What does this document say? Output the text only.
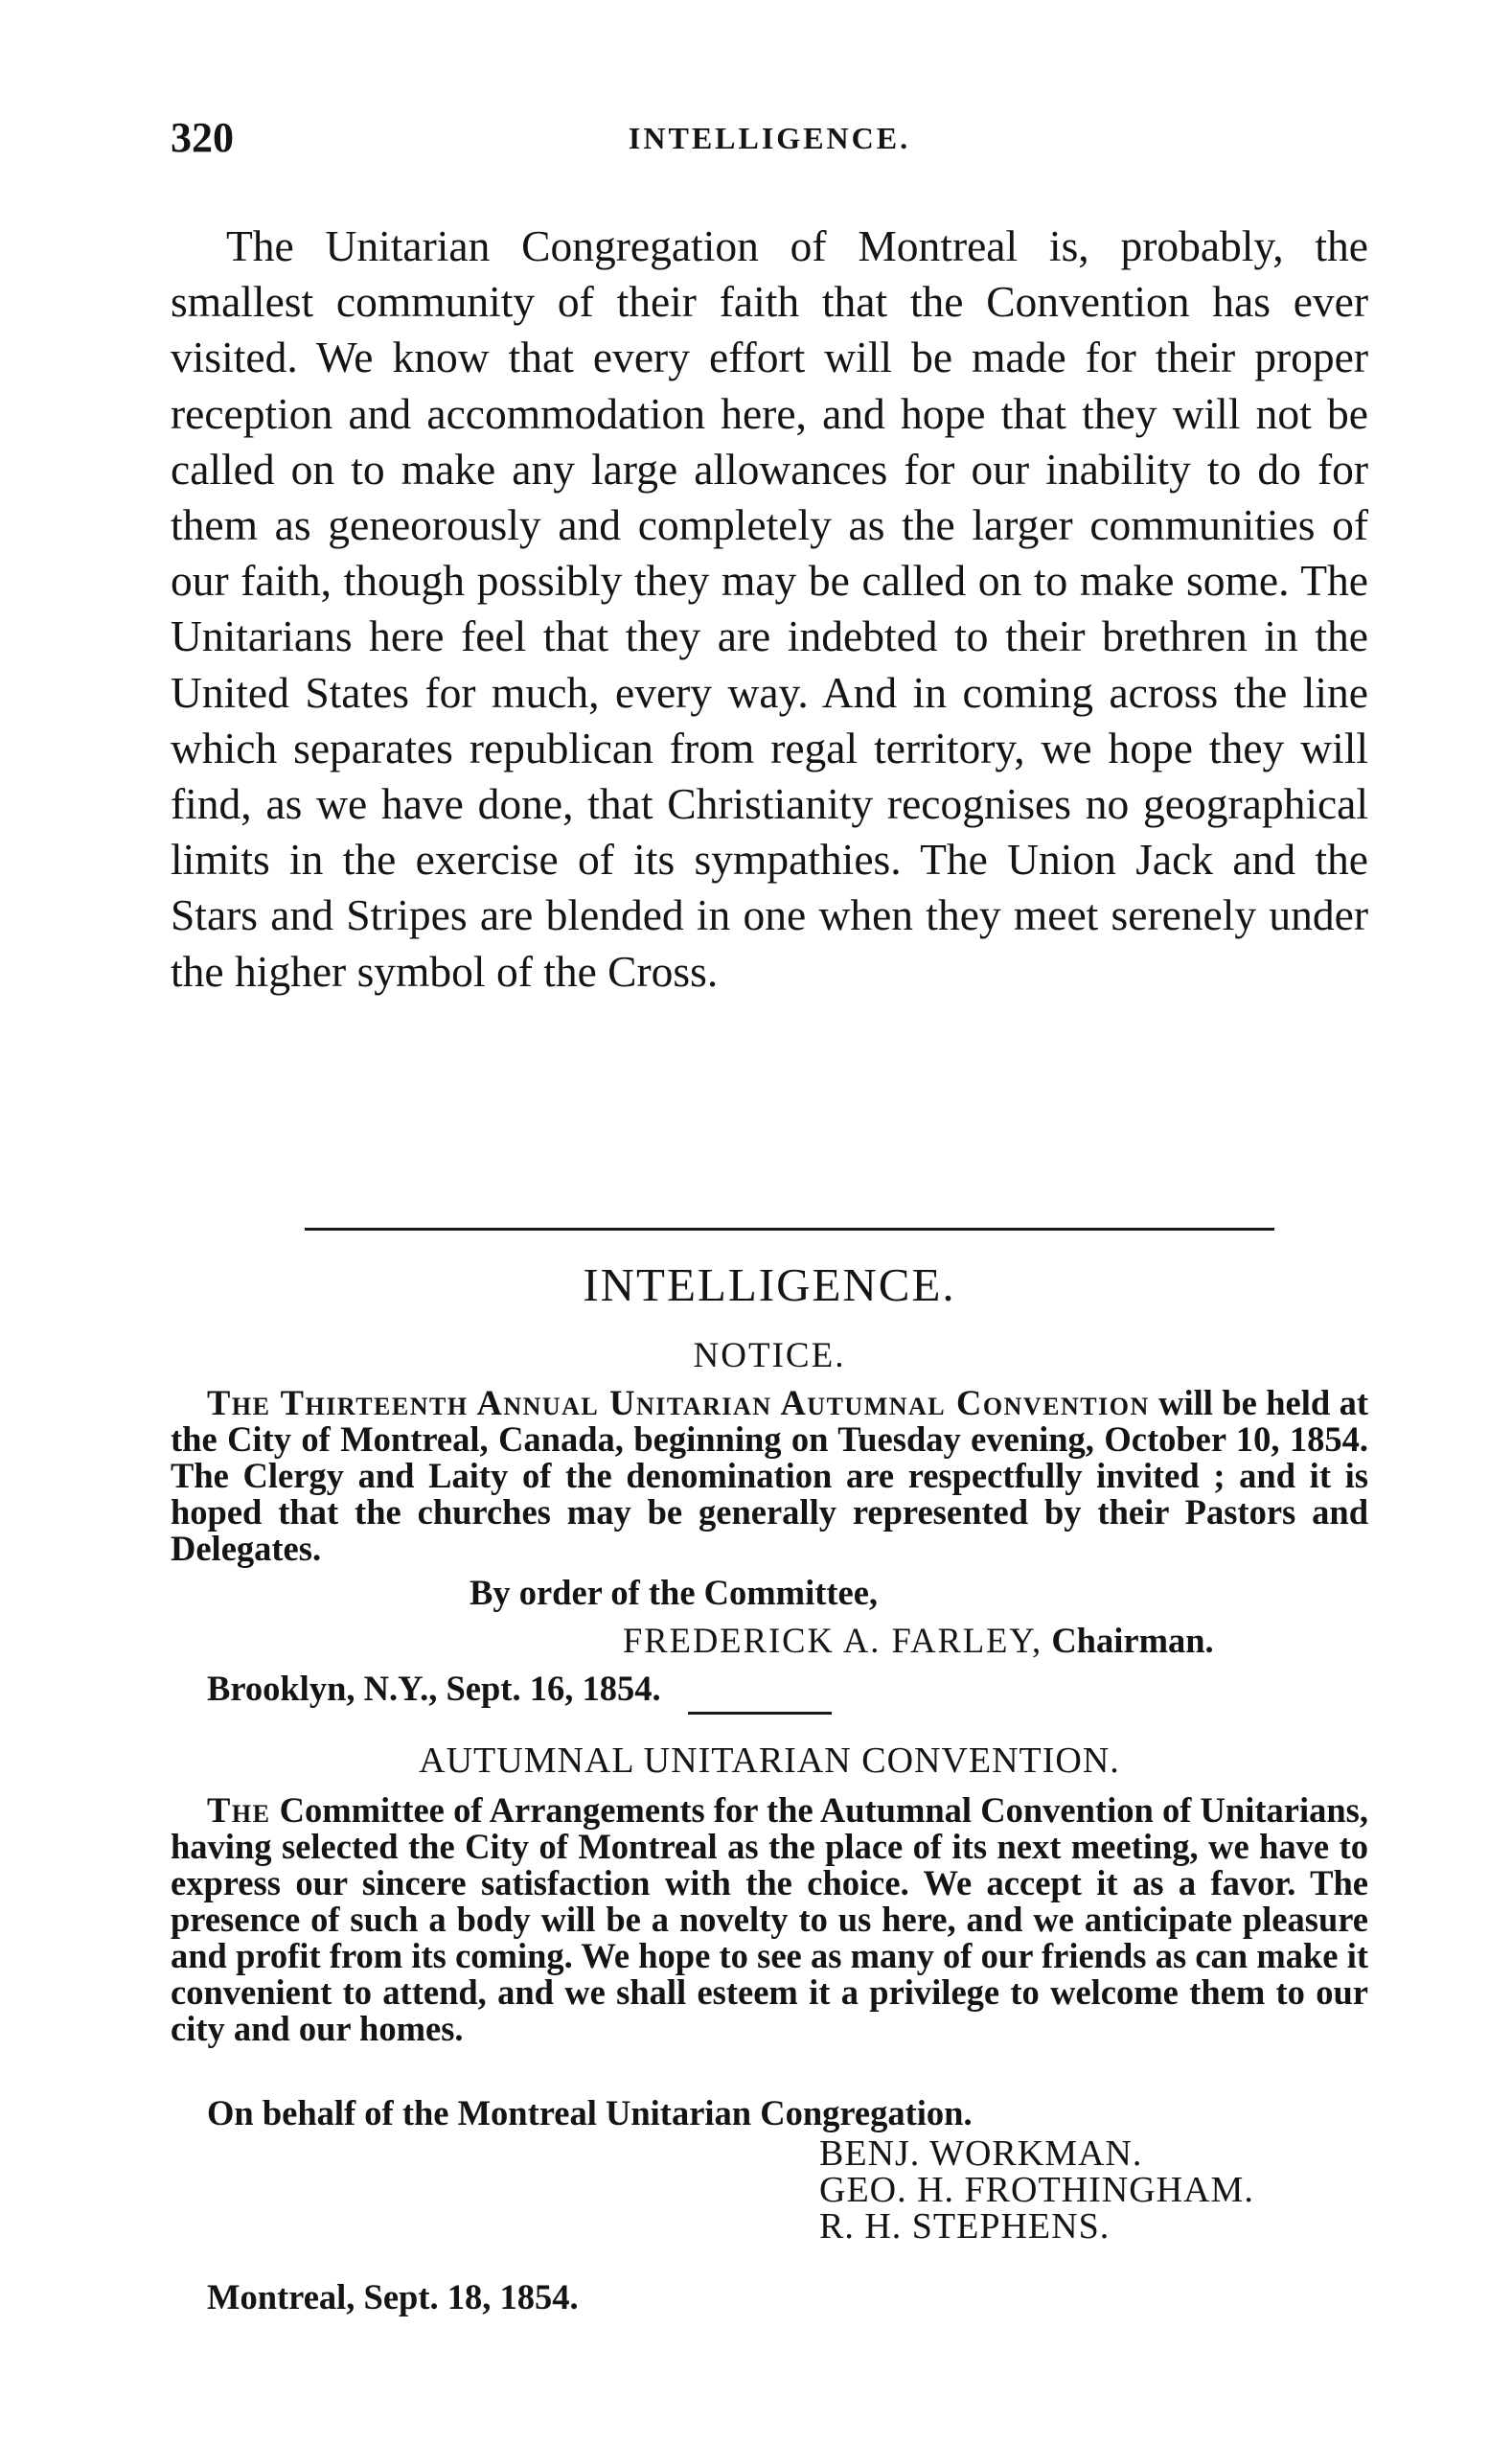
320	INTELLIGENCE.

The Unitarian Congregation of Montreal is, probably, the smallest community of their faith that the Convention has ever visited. We know that every effort will be made for their proper reception and accommodation here, and hope that they will not be called on to make any large allowances for our inability to do for them as geneorously and completely as the larger communities of our faith, though possibly they may be called on to make some. The Unitarians here feel that they are indebted to their brethren in the United States for much, every way. And in coming across the line which separates republican from regal territory, we hope they will find, as we have done, that Christianity recognises no geographical limits in the exercise of its sympathies. The Union Jack and the Stars and Stripes are blended in one when they meet serenely under the higher symbol of the Cross.

INTELLIGENCE.
NOTICE.

The Thirteenth Annual Unitarian Autumnal Convention will be held at the City of Montreal, Canada, beginning on Tuesday evening, October 10, 1854. The Clergy and Laity of the denomination are respectfully invited ; and it is hoped that the churches may be generally represented by their Pastors and Delegates.

By order of the Committee,
FREDERICK A. FARLEY, Chairman.
Brooklyn, N.Y., Sept. 16, 1854.
AUTUMNAL UNITARIAN CONVENTION.

The Committee of Arrangements for the Autumnal Convention of Unitarians, having selected the City of Montreal as the place of its next meeting, we have to express our sincere satisfaction with the choice. We accept it as a favor. The presence of such a body will be a novelty to us here, and we anticipate pleasure and profit from its coming. We hope to see as many of our friends as can make it convenient to attend, and we shall esteem it a privilege to welcome them to our city and our homes.

On behalf of the Montreal Unitarian Congregation.
BENJ. WORKMAN.
GEO. H. FROTHINGHAM.
R. H. STEPHENS.
Montreal, Sept. 18, 1854.
